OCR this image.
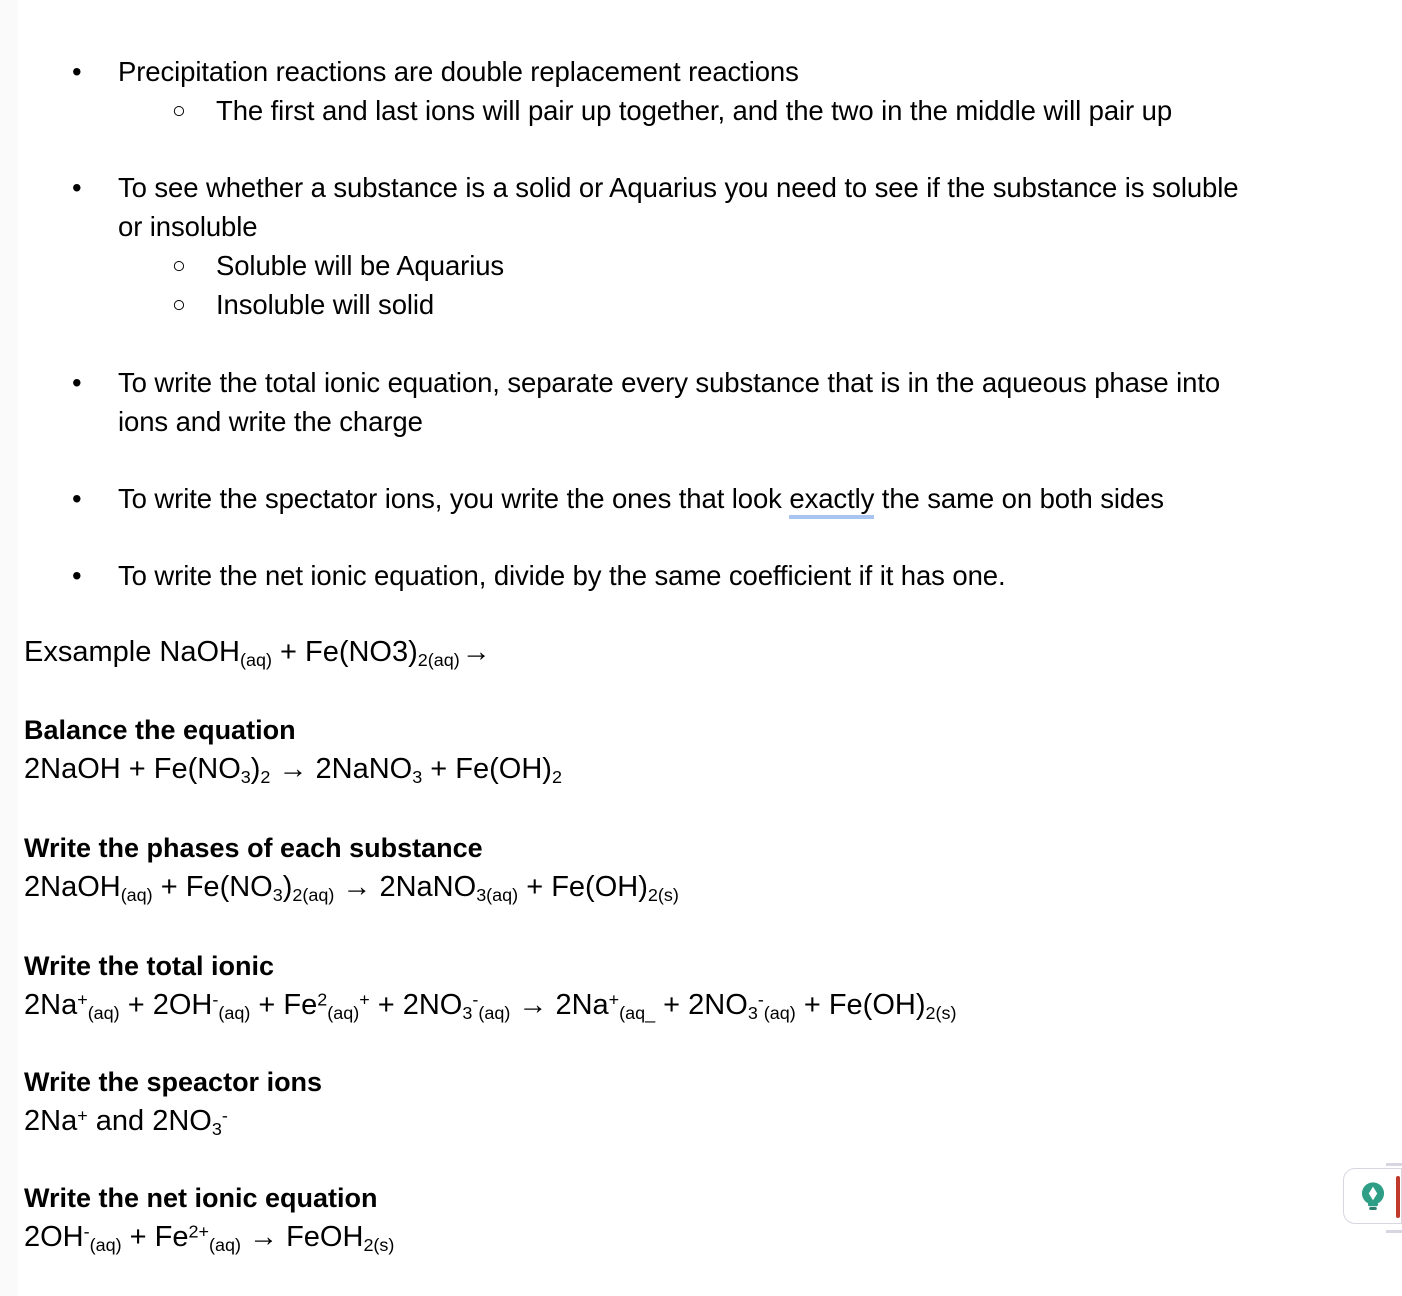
• Precipitation reactions are double replacement reactions
○ The first and last ions will pair up together, and the two in the middle will pair up
• To see whether a substance is a solid or Aquarius you need to see if the substance is soluble or insoluble
○ Soluble will be Aquarius
○ Insoluble will solid
• To write the total ionic equation, separate every substance that is in the aqueous phase into ions and write the charge
• To write the spectator ions, you write the ones that look exactly the same on both sides
• To write the net ionic equation, divide by the same coefficient if it has one.
Exsample NaOH$_{(aq)}$ + $Fe(NO3)_{2(aq)}\to$
Balance the equation
2NaOH + $Fe(NO_3)_2$ → 2NaNO$_3$ + $Fe(OH)_2$
Write the phases of each substance
2NaOH$_{(aq)}$ + $Fe(NO_3)_{2(aq)}$ → 2NaNO$_{3(aq)}$ + $Fe(OH)_{2(s)}$
Write the total ionic
$2Na^+_{(aq)} + 2OH^-_{(aq)} + Fe^2_{(aq)}^+ + 2NO_3^-_{(aq)} \to 2Na^+_{(aq\_} + 2NO_3^-_{(aq)} + Fe(OH)_{2(s)}$
Write the speactor ions
2Na+ and $2NO_3^-$
Write the net ionic equation
$2OH^-_{(aq)} + Fe^{2+}_{(aq)}$ → FeOH$_{2(s)}$
